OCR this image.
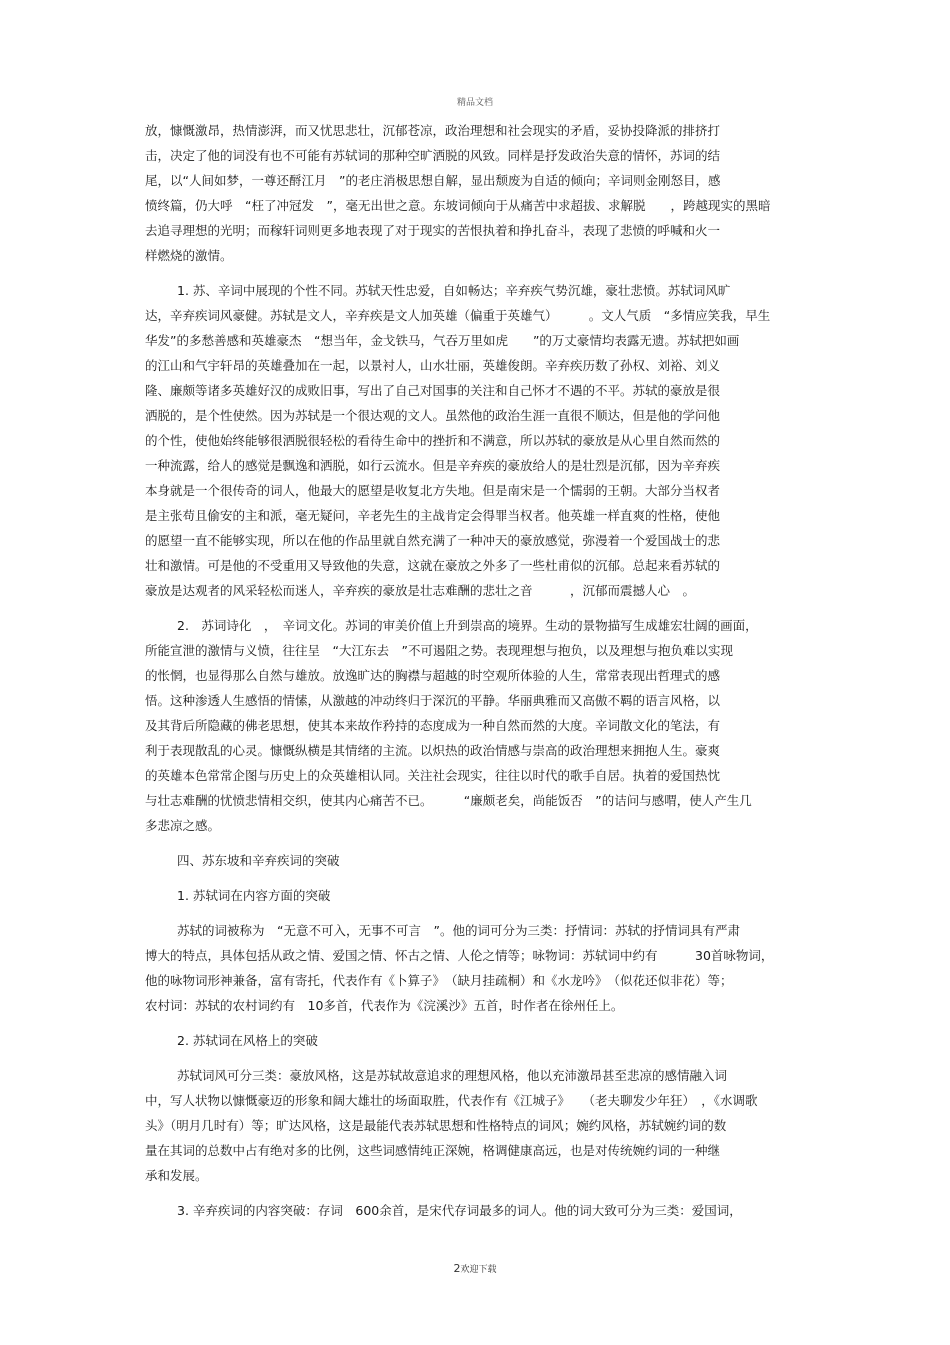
精品文档
放，慷慨激昂，热情澎湃，而又忧思悲壮，沉郁苍凉，政治理想和社会现实的矛盾，妥协投降派的排挤打
击，决定了他的词没有也不可能有苏轼词的那种空旷洒脱的风致。同样是抒发政治失意的情怀，苏词的结
尾，以“人间如梦，一尊还酹江月　”的老庄消极思想自解，显出颓废为自适的倾向；辛词则金刚怒目，感
愤终篇，仍大呼　“枉了冲冠发　”，毫无出世之意。东坡词倾向于从痛苦中求超拔、求解脱　　，跨越现实的黑暗
去追寻理想的光明；而稼轩词则更多地表现了对于现实的苦恨执着和挣扎奋斗，表现了悲愤的呼喊和火一
样燃烧的激情。
1. 苏、辛词中展现的个性不同。苏轼天性忠爱，自如畅达；辛弃疾气势沉雄，豪壮悲愤。苏轼词风旷
达，辛弃疾词风豪健。苏轼是文人，辛弃疾是文人加英雄（偏重于英雄气）　　　。文人气质　“多情应笑我，早生
华发”的多愁善感和英雄豪杰　“想当年，金戈铁马，气吞万里如虎　　”的万丈豪情均表露无遗。苏轼把如画
的江山和气宇轩昂的英雄叠加在一起，以景衬人，山水壮丽，英雄俊朗。辛弃疾历数了孙权、刘裕、刘义
隆、廉颇等诸多英雄好汉的成败旧事，写出了自己对国事的关注和自己怀才不遇的不平。苏轼的豪放是很
洒脱的，是个性使然。因为苏轼是一个很达观的文人。虽然他的政治生涯一直很不顺达，但是他的学问他
的个性，使他始终能够很洒脱很轻松的看待生命中的挫折和不满意，所以苏轼的豪放是从心里自然而然的
一种流露，给人的感觉是飘逸和洒脱，如行云流水。但是辛弃疾的豪放给人的是壮烈是沉郁，因为辛弃疾
本身就是一个很传奇的词人，他最大的愿望是收复北方失地。但是南宋是一个懦弱的王朝。大部分当权者
是主张苟且偷安的主和派，毫无疑问，辛老先生的主战肯定会得罪当权者。他英雄一样直爽的性格，使他
的愿望一直不能够实现，所以在他的作品里就自然充满了一种冲天的豪放感觉，弥漫着一个爱国战士的悲
壮和激情。可是他的不受重用又导致他的失意，这就在豪放之外多了一些杜甫似的沉郁。总起来看苏轼的
豪放是达观者的风采轻松而迷人，辛弃疾的豪放是壮志难酬的悲壮之音　　　，沉郁而震撼人心　。
2.　苏词诗化　，　辛词文化。苏词的审美价值上升到崇高的境界。生动的景物描写生成雄宏壮阔的画面，
所能宣泄的激情与义愤，往往呈　“大江东去　”不可遏阻之势。表现理想与抱负，以及理想与抱负难以实现
的怅惘，也显得那么自然与雄放。放逸旷达的胸襟与超越的时空观所体验的人生，常常表现出哲理式的感
悟。这种渗透人生感悟的情愫，从激越的冲动终归于深沉的平静。华丽典雅而又高傲不羁的语言风格，以
及其背后所隐藏的佛老思想，使其本来故作矜持的态度成为一种自然而然的大度。辛词散文化的笔法，有
利于表现散乱的心灵。慷慨纵横是其情绪的主流。以炽热的政治情感与崇高的政治理想来拥抱人生。豪爽
的英雄本色常常企图与历史上的众英雄相认同。关注社会现实，往往以时代的歌手自居。执着的爱国热忱
与壮志难酬的忧愤悲情相交织，使其内心痛苦不已。　　　“廉颇老矣，尚能饭否　”的诘问与感喟，使人产生几
多悲凉之感。
四、苏东坡和辛弃疾词的突破
1. 苏轼词在内容方面的突破
苏轼的词被称为　“无意不可入，无事不可言　”。他的词可分为三类：抒情词：苏轼的抒情词具有严肃
博大的特点，具体包括从政之情、爱国之情、怀古之情、人伦之情等；咏物词：苏轼词中约有　　　30首咏物词，
他的咏物词形神兼备，富有寄托，代表作有《卜算子》　（缺月挂疏桐）和《水龙吟》　（似花还似非花）等；
农村词：苏轼的农村词约有　10多首，代表作为《浣溪沙》五首，时作者在徐州任上。
2. 苏轼词在风格上的突破
苏轼词风可分三类：豪放风格，这是苏轼故意追求的理想风格，他以充沛激昂甚至悲凉的感情融入词
中，写人状物以慷慨豪迈的形象和阔大雄壮的场面取胜，代表作有《江城子》　　（老夫聊发少年狂）　，《水调歌
头》（明月几时有）等；旷达风格，这是最能代表苏轼思想和性格特点的词风；婉约风格，苏轼婉约词的数
量在其词的总数中占有绝对多的比例，这些词感情纯正深婉，格调健康高远，也是对传统婉约词的一种继
承和发展。
3. 辛弃疾词的内容突破：存词　600余首，是宋代存词最多的词人。他的词大致可分为三类：爱国词，
2欢迎下载
